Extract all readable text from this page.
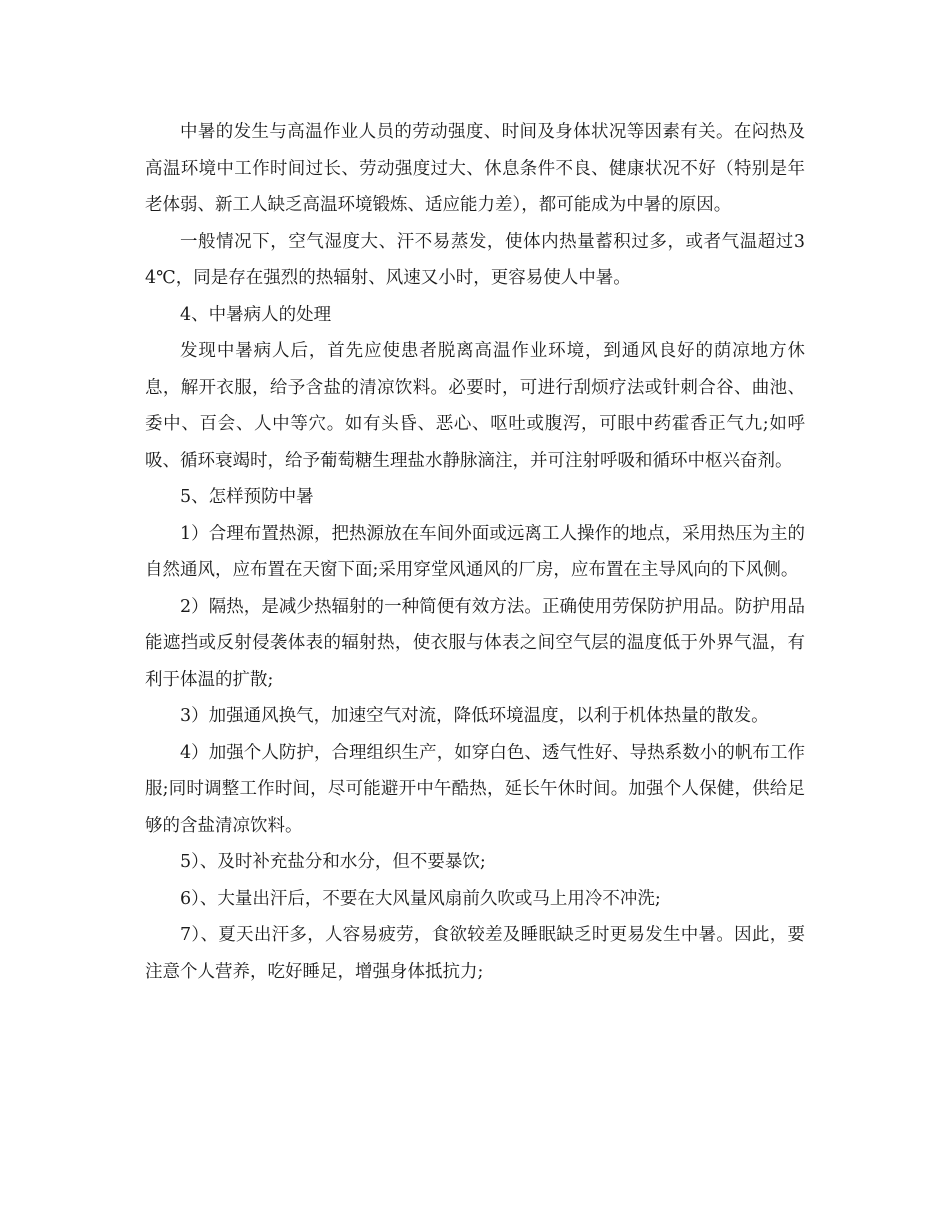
中暑的发生与高温作业人员的劳动强度、时间及身体状况等因素有关。在闷热及高温环境中工作时间过长、劳动强度过大、休息条件不良、健康状况不好（特别是年老体弱、新工人缺乏高温环境锻炼、适应能力差），都可能成为中暑的原因。

一般情况下，空气湿度大、汗不易蒸发，使体内热量蓄积过多，或者气温超过34℃，同是存在强烈的热辐射、风速又小时，更容易使人中暑。

4、中暑病人的处理

发现中暑病人后，首先应使患者脱离高温作业环境，到通风良好的荫凉地方休息，解开衣服，给予含盐的清凉饮料。必要时，可进行刮烦疗法或针刺合谷、曲池、委中、百会、人中等穴。如有头昏、恶心、呕吐或腹泻，可眼中药霍香正气九;如呼吸、循环衰竭时，给予葡萄糖生理盐水静脉滴注，并可注射呼吸和循环中枢兴奋剂。

5、怎样预防中暑

1）合理布置热源，把热源放在车间外面或远离工人操作的地点，采用热压为主的自然通风，应布置在天窗下面;采用穿堂风通风的厂房，应布置在主导风向的下风侧。

2）隔热，是减少热辐射的一种简便有效方法。正确使用劳保防护用品。防护用品能遮挡或反射侵袭体表的辐射热，使衣服与体表之间空气层的温度低于外界气温，有利于体温的扩散;

3）加强通风换气，加速空气对流，降低环境温度，以利于机体热量的散发。

4）加强个人防护，合理组织生产，如穿白色、透气性好、导热系数小的帆布工作服;同时调整工作时间，尽可能避开中午酷热，延长午休时间。加强个人保健，供给足够的含盐清凉饮料。

5）、及时补充盐分和水分，但不要暴饮;

6）、大量出汗后，不要在大风量风扇前久吹或马上用冷不冲洗;

7）、夏天出汗多，人容易疲劳，食欲较差及睡眠缺乏时更易发生中暑。因此，要注意个人营养，吃好睡足，增强身体抵抗力;
